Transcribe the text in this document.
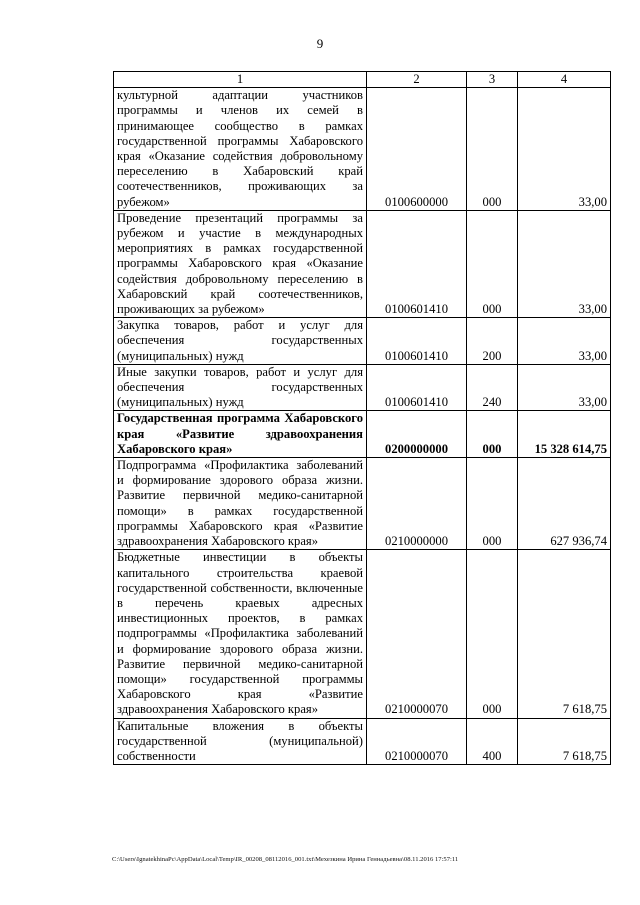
9
1	2	3	4
культурной адаптации участников программы и членов их семей в принимающее сообщество в рамках государственной программы Хабаровского края «Оказание содействия добровольному переселению в Хабаровский край соотечественников, проживающих за рубежом»	0100600000	000	33,00
Проведение презентаций программы за рубежом и участие в международных мероприятиях в рамках государственной программы Хабаровского края «Оказание содействия добровольному переселению в Хабаровский край соотечественников, проживающих за рубежом»	0100601410	000	33,00
Закупка товаров, работ и услуг для обеспечения государственных (муниципальных) нужд	0100601410	200	33,00
Иные закупки товаров, работ и услуг для обеспечения государственных (муниципальных) нужд	0100601410	240	33,00
Государственная программа Хабаровского края «Развитие здравоохранения Хабаровского края»	0200000000	000	15 328 614,75
Подпрограмма «Профилактика заболеваний и формирование здорового образа жизни. Развитие первичной медико-санитарной помощи» в рамках государственной программы Хабаровского края «Развитие здравоохранения Хабаровского края»	0210000000	000	627 936,74
Бюджетные инвестиции в объекты капитального строительства краевой государственной собственности, включенные в перечень краевых адресных инвестиционных проектов, в рамках подпрограммы «Профилактика заболеваний и формирование здорового образа жизни. Развитие первичной медико-санитарной помощи» государственной программы Хабаровского края «Развитие здравоохранения Хабаровского края»	0210000070	000	7 618,75
Капитальные вложения в объекты государственной (муниципальной) собственности	0210000070	400	7 618,75
C:\Users\IgnatekhinaPc\AppData\Local\Temp\IR_00208_08112016_001.txt\Мехезкина Ирина Геннадьевна\08.11.2016 17:57:11
